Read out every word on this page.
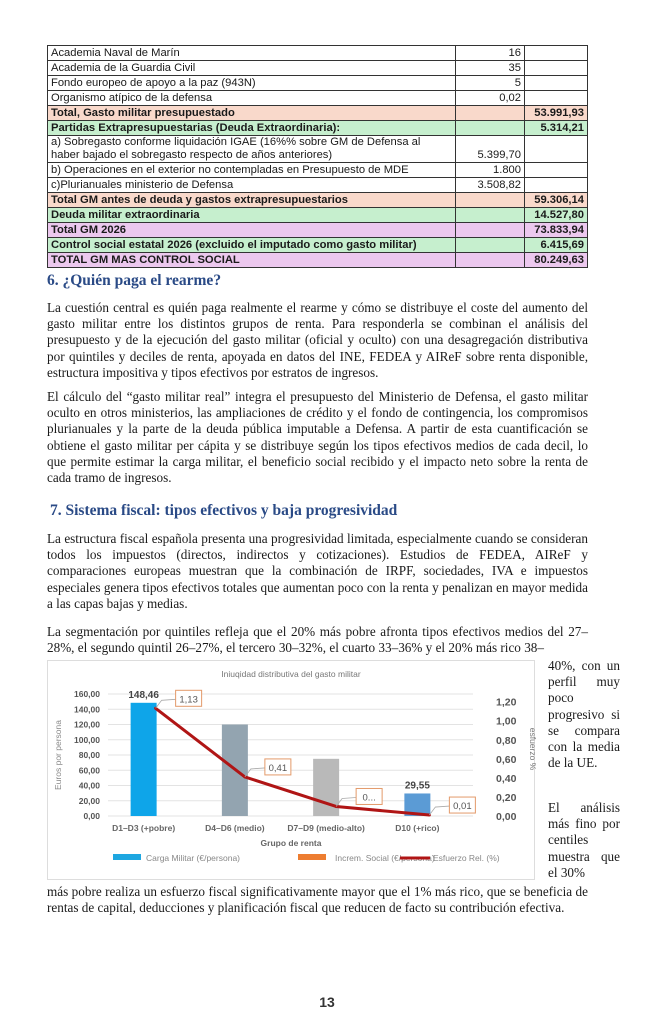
Academia Naval de Marín	16	
Academia de la Guardia Civil	35	
Fondo europeo de apoyo a la paz (943N)	5	
Organismo atípico de la defensa	0,02	
Total, Gasto militar presupuestado		53.991,93
Partidas Extrapresupuestarias (Deuda Extraordinaria):		5.314,21
a) Sobregasto conforme liquidación IGAE (16%% sobre GM de Defensa al haber bajado el sobregasto respecto de años anteriores)	5.399,70	
b) Operaciones en el exterior no contempladas en Presupuesto de MDE	1.800	
c)Plurianuales ministerio de Defensa	3.508,82	
Total GM antes de deuda y gastos extrapresupuestarios		59.306,14
Deuda militar extraordinaria		14.527,80
Total GM 2026		73.833,94
Control social estatal 2026 (excluido el imputado como gasto militar)		6.415,69
TOTAL GM MAS CONTROL SOCIAL		80.249,63
6. ¿Quién paga el rearme?

La cuestión central es quién paga realmente el rearme y cómo se distribuye el coste del aumento del gasto militar entre los distintos grupos de renta. Para responderla se combinan el análisis del presupuesto y de la ejecución del gasto militar (oficial y oculto) con una desagregación distributiva por quintiles y deciles de renta, apoyada en datos del INE, FEDEA y AIReF sobre renta disponible, estructura impositiva y tipos efectivos por estratos de ingresos.

El cálculo del “gasto militar real” integra el presupuesto del Ministerio de Defensa, el gasto militar oculto en otros ministerios, las ampliaciones de crédito y el fondo de contingencia, los compromisos plurianuales y la parte de la deuda pública imputable a Defensa. A partir de esta cuantificación se obtiene el gasto militar per cápita y se distribuye según los tipos efectivos medios de cada decil, lo que permite estimar la carga militar, el beneficio social recibido y el impacto neto sobre la renta de cada tramo de ingresos.

7. Sistema fiscal: tipos efectivos y baja progresividad

La estructura fiscal española presenta una progresividad limitada, especialmente cuando se consideran todos los impuestos (directos, indirectos y cotizaciones). Estudios de FEDEA, AIReF y comparaciones europeas muestran que la combinación de IRPF, sociedades, IVA e impuestos especiales genera tipos efectivos totales que aumentan poco con la renta y penalizan en mayor medida a las capas bajas y medias.

La segmentación por quintiles refleja que el 20% más pobre afronta tipos efectivos medios del 27–28%, el segundo quintil 26–27%, el tercero 30–32%, el cuarto 33–36% y el 20% más rico 38–

Iniuqidad distributiva del gasto militar
0,00
20,00
40,00
60,00
80,00
100,00
120,00
140,00
160,00
0,00
0,20
0,40
0,60
0,80
1,00
1,20
Euros por persona	esfuerzo %
148,46
29,55
D1–D3 (+pobre)	D4–D6 (medio)	D7–D9 (medio-alto)	D10 (+rico)
Grupo de renta
1,13
0,41
0...
0,01
Carga Militar (€/persona)	Increm. Social (€/persona)
Esfuerzo Rel. (%)

40%, con un perfil muy poco progresivo si se compara con la media de la UE.

El análisis más fino por centiles muestra que el 30%

más pobre realiza un esfuerzo fiscal significativamente mayor que el 1% más rico, que se beneficia de rentas de capital, deducciones y planificación fiscal que reducen de facto su contribución efectiva.

13
